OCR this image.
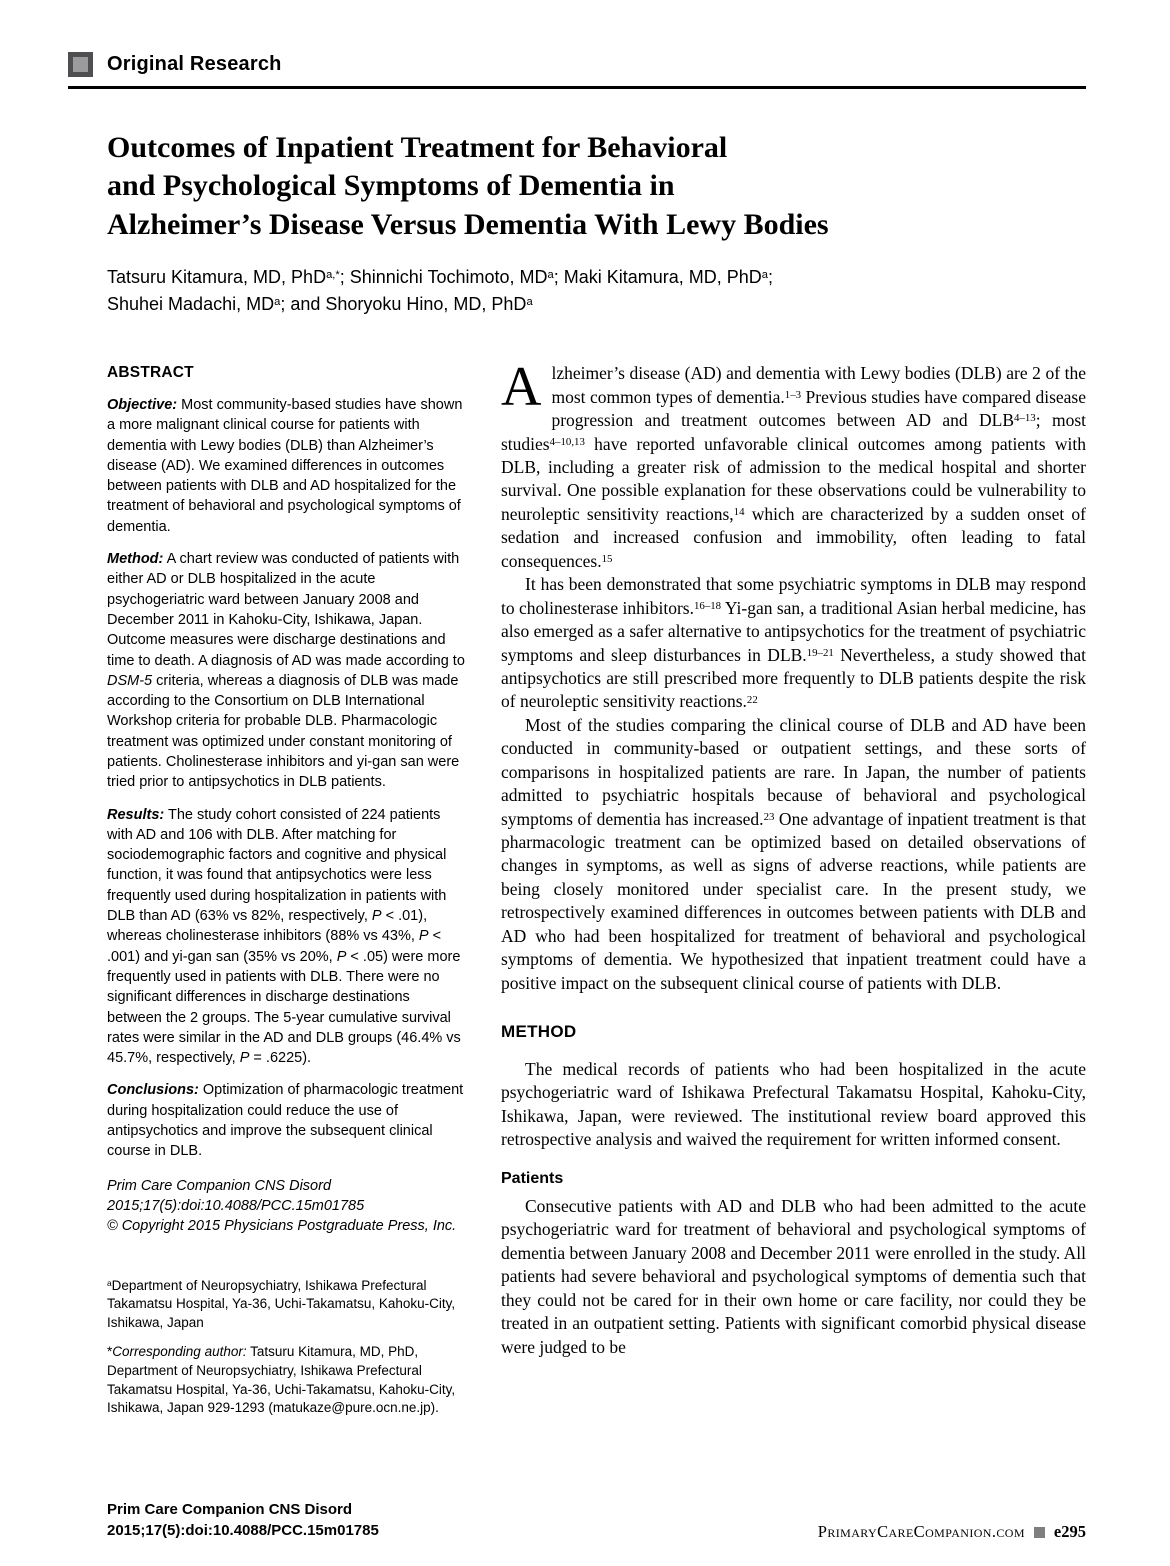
Original Research
Outcomes of Inpatient Treatment for Behavioral
and Psychological Symptoms of Dementia in
Alzheimer’s Disease Versus Dementia With Lewy Bodies
Tatsuru Kitamura, MD, PhD$^{a,*}$; Shinnichi Tochimoto, $MD^a$; Maki Kitamura, MD, PhD$^a$;
Shuhei Madachi, $MD^a$; and Shoryoku Hino, MD, PhD$^a$
ABSTRACT

Objective: Most community-based studies have shown a more malignant clinical course for patients with dementia with Lewy bodies (DLB) than Alzheimer’s disease (AD). We examined differences in outcomes between patients with DLB and AD hospitalized for the treatment of behavioral and psychological symptoms of dementia.

Method: A chart review was conducted of patients with either AD or DLB hospitalized in the acute psychogeriatric ward between January 2008 and December 2011 in Kahoku-City, Ishikawa, Japan. Outcome measures were discharge destinations and time to death. A diagnosis of AD was made according to DSM-5 criteria, whereas a diagnosis of DLB was made according to the Consortium on DLB International Workshop criteria for probable DLB. Pharmacologic treatment was optimized under constant monitoring of patients. Cholinesterase inhibitors and yi-gan san were tried prior to antipsychotics in DLB patients.

Results: The study cohort consisted of 224 patients with AD and 106 with DLB. After matching for sociodemographic factors and cognitive and physical function, it was found that antipsychotics were less frequently used during hospitalization in patients with DLB than AD (63% vs 82%, respectively, P < .01), whereas cholinesterase inhibitors (88% vs 43%, P < .001) and yi-gan san (35% vs 20%, P < .05) were more frequently used in patients with DLB. There were no significant differences in discharge destinations between the 2 groups. The 5-year cumulative survival rates were similar in the AD and DLB groups (46.4% vs 45.7%, respectively, P = .6225).

Conclusions: Optimization of pharmacologic treatment during hospitalization could reduce the use of antipsychotics and improve the subsequent clinical course in DLB.

Prim Care Companion CNS Disord
2015;17(5):doi:10.4088/PCC.15m01785
© Copyright 2015 Physicians Postgraduate Press, Inc.

$^a$Department of Neuropsychiatry, Ishikawa Prefectural Takamatsu Hospital, Ya-36, Uchi-Takamatsu, Kahoku-City, Ishikawa, Japan

*Corresponding author: Tatsuru Kitamura, MD, PhD, Department of Neuropsychiatry, Ishikawa Prefectural Takamatsu Hospital, Ya-36, Uchi-Takamatsu, Kahoku-City, Ishikawa, Japan 929-1293 (matukaze@pure.ocn.ne.jp).

Alzheimer’s disease (AD) and dementia with Lewy bodies (DLB) are 2 of the most common types of dementia.$^{1-3}$ Previous studies have compared disease progression and treatment outcomes between AD and DLB$^{4-13}$; most studies$^{4-10,13}$ have reported unfavorable clinical outcomes among patients with DLB, including a greater risk of admission to the medical hospital and shorter survival. One possible explanation for these observations could be vulnerability to neuroleptic sensitivity reactions,$^{14}$ which are characterized by a sudden onset of sedation and increased confusion and immobility, often leading to fatal consequences.$^{15}$

It has been demonstrated that some psychiatric symptoms in DLB may respond to cholinesterase inhibitors.$^{16-18}$ Yi-gan san, a traditional Asian herbal medicine, has also emerged as a safer alternative to antipsychotics for the treatment of psychiatric symptoms and sleep disturbances in DLB.$^{19-21}$ Nevertheless, a study showed that antipsychotics are still prescribed more frequently to DLB patients despite the risk of neuroleptic sensitivity reactions.$^{22}$

Most of the studies comparing the clinical course of DLB and AD have been conducted in community-based or outpatient settings, and these sorts of comparisons in hospitalized patients are rare. In Japan, the number of patients admitted to psychiatric hospitals because of behavioral and psychological symptoms of dementia has increased.$^{23}$ One advantage of inpatient treatment is that pharmacologic treatment can be optimized based on detailed observations of changes in symptoms, as well as signs of adverse reactions, while patients are being closely monitored under specialist care. In the present study, we retrospectively examined differences in outcomes between patients with DLB and AD who had been hospitalized for treatment of behavioral and psychological symptoms of dementia. We hypothesized that inpatient treatment could have a positive impact on the subsequent clinical course of patients with DLB.

METHOD

The medical records of patients who had been hospitalized in the acute psychogeriatric ward of Ishikawa Prefectural Takamatsu Hospital, Kahoku-City, Ishikawa, Japan, were reviewed. The institutional review board approved this retrospective analysis and waived the requirement for written informed consent.

Patients

Consecutive patients with AD and DLB who had been admitted to the acute psychogeriatric ward for treatment of behavioral and psychological symptoms of dementia between January 2008 and December 2011 were enrolled in the study. All patients had severe behavioral and psychological symptoms of dementia such that they could not be cared for in their own home or care facility, nor could they be treated in an outpatient setting. Patients with significant comorbid physical disease were judged to be

Prim Care Companion CNS Disord
2015;17(5):doi:10.4088/PCC.15m01785	PrimaryCareCompanion.com e295
